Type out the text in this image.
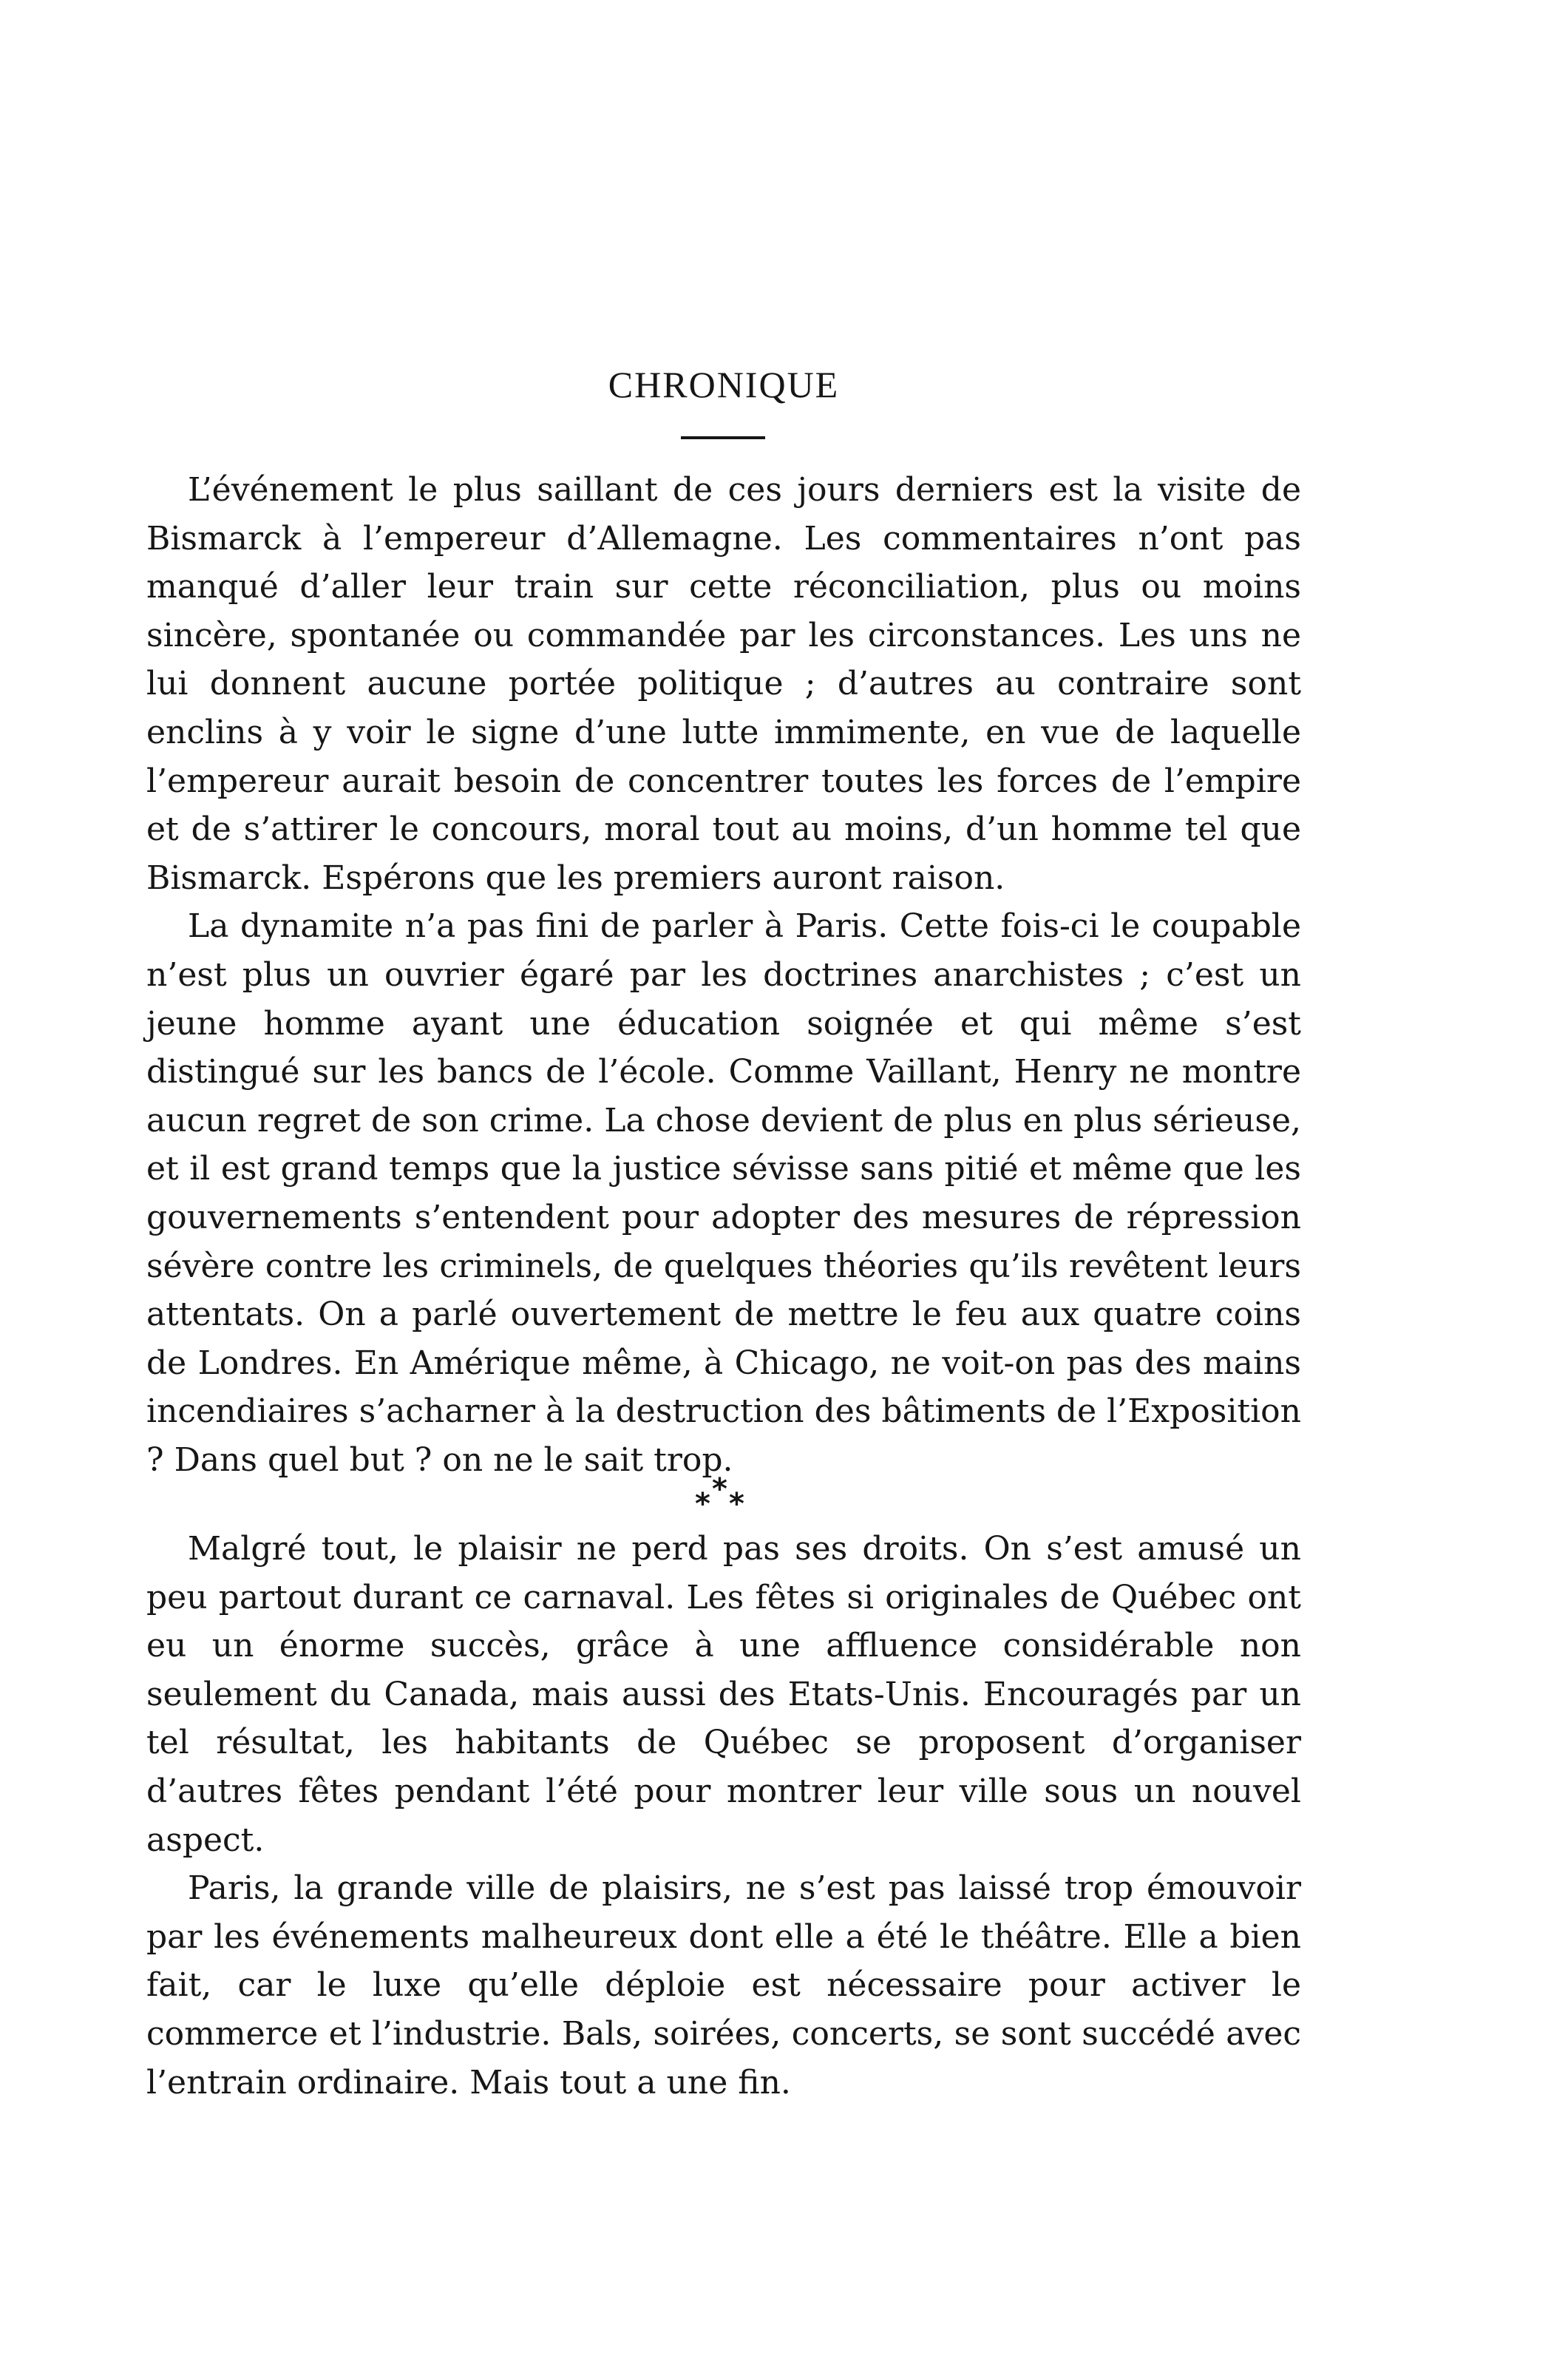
CHRONIQUE

L’événement le plus saillant de ces jours derniers est la visite de Bismarck à l’empereur d’Allemagne. Les commentaires n’ont pas manqué d’aller leur train sur cette réconciliation, plus ou moins sincère, spontanée ou commandée par les circonstances. Les uns ne lui donnent aucune portée politique ; d’autres au contraire sont enclins à y voir le signe d’une lutte immimente, en vue de laquelle l’empereur aurait besoin de concentrer toutes les forces de l’empire et de s’attirer le concours, moral tout au moins, d’un homme tel que Bismarck. Espérons que les premiers auront raison.

La dynamite n’a pas fini de parler à Paris. Cette fois-ci le coupable n’est plus un ouvrier égaré par les doctrines anarchistes ; c’est un jeune homme ayant une éducation soignée et qui même s’est distingué sur les bancs de l’école. Comme Vaillant, Henry ne montre aucun regret de son crime. La chose devient de plus en plus sérieuse, et il est grand temps que la justice sévisse sans pitié et même que les gouvernements s’entendent pour adopter des mesures de répression sévère contre les criminels, de quelques théories qu’ils revêtent leurs attentats. On a parlé ouvertement de mettre le feu aux quatre coins de Londres. En Amérique même, à Chicago, ne voit-on pas des mains incendiaires s’acharner à la destruction des bâtiments de l’Exposition ? Dans quel but ? on ne le sait trop.

*
* *

Malgré tout, le plaisir ne perd pas ses droits. On s’est amusé un peu partout durant ce carnaval. Les fêtes si originales de Québec ont eu un énorme succès, grâce à une affluence considérable non seulement du Canada, mais aussi des Etats-Unis. Encouragés par un tel résultat, les habitants de Québec se proposent d’organiser d’autres fêtes pendant l’été pour montrer leur ville sous un nouvel aspect.

Paris, la grande ville de plaisirs, ne s’est pas laissé trop émouvoir par les événements malheureux dont elle a été le théâtre. Elle a bien fait, car le luxe qu’elle déploie est nécessaire pour activer le commerce et l’industrie. Bals, soirées, concerts, se sont succédé avec l’entrain ordinaire. Mais tout a une fin.
